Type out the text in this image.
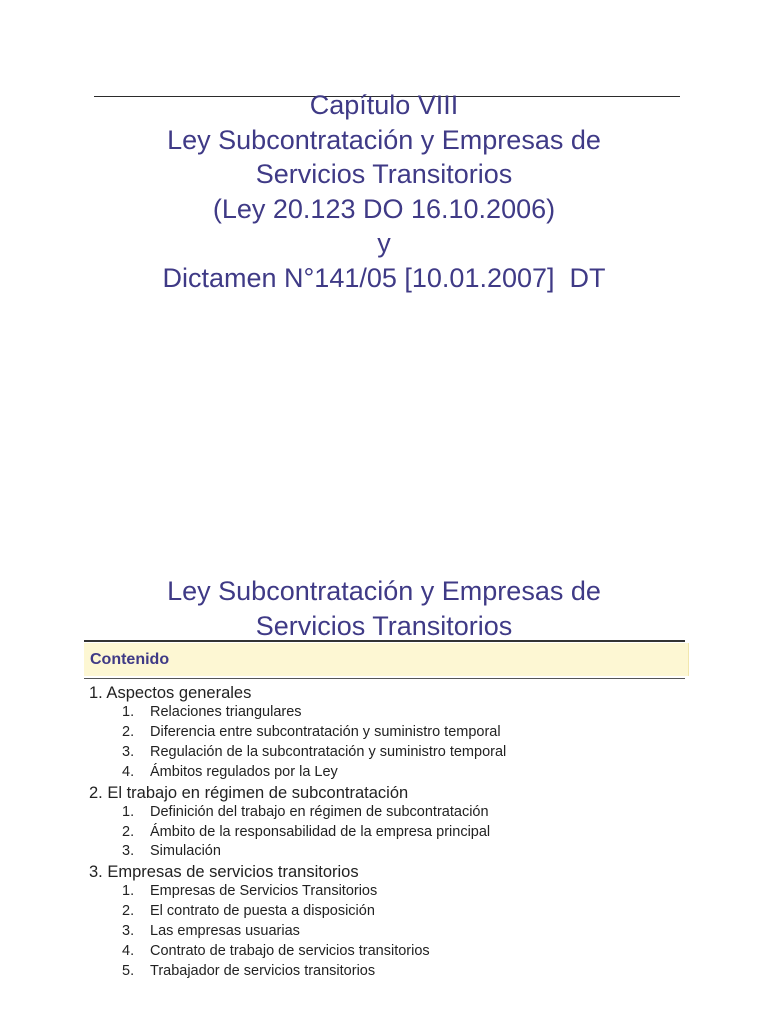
Capítulo VIII
Ley Subcontratación y Empresas de
Servicios Transitorios
(Ley 20.123 DO 16.10.2006)
y
Dictamen N°141/05 [10.01.2007]  DT
Ley Subcontratación y Empresas de
Servicios Transitorios
Contenido

1. Aspectos generales

1.	Relaciones triangulares
2.	Diferencia entre subcontratación y suministro temporal
3.	Regulación de la subcontratación y suministro temporal
4.	Ámbitos regulados por la Ley

2. El trabajo en régimen de subcontratación

1.	Definición del trabajo en régimen de subcontratación
2.	Ámbito de la responsabilidad de la empresa principal
3.	Simulación

3. Empresas de servicios transitorios

1.	Empresas de Servicios Transitorios
2.	El contrato de puesta a disposición
3.	Las empresas usuarias
4.	Contrato de trabajo de servicios transitorios
5.	Trabajador de servicios transitorios
